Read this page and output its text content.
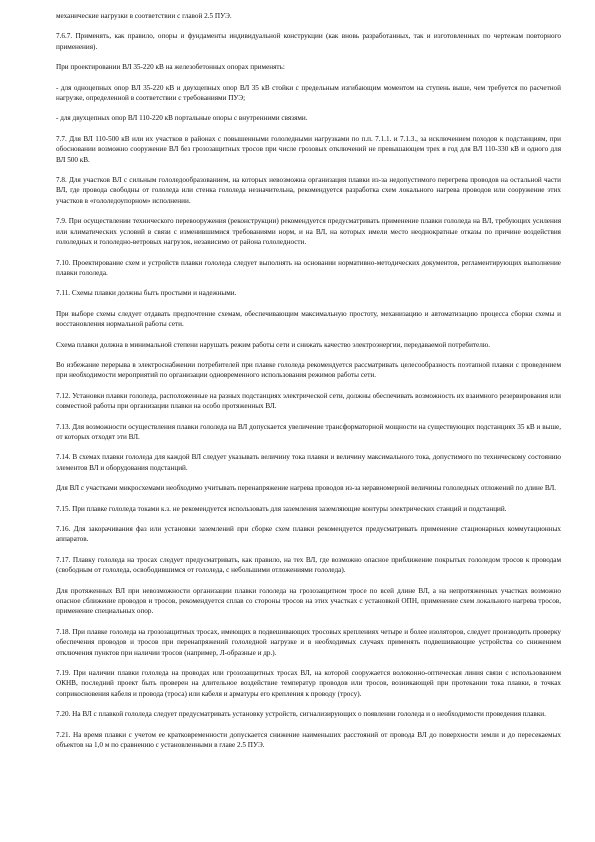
механические нагрузки в соответствии с главой 2.5 ПУЭ.

7.6.7. Применять, как правило, опоры и фундаменты индивидуальной конструкции (как вновь разработанных, так и изготовленных по чертежам повторного применения).

При проектировании ВЛ 35-220 кВ на железобетонных опорах применять:

- для одноцепных опор ВЛ 35-220 кВ и двухцепных опор ВЛ 35 кВ стойки с предельным изгибающим моментом на ступень выше, чем требуется по расчетной нагрузке, определенной в соответствии с требованиями ПУЭ;

- для двухцепных опор ВЛ 110-220 кВ портальные опоры с внутренними связями.

7.7. Для ВЛ 110-500 кВ или их участков в районах с повышенными гололедными нагрузками по п.п. 7.1.1. и 7.1.3., за исключением походов к подстанциям, при обосновании возможно сооружение ВЛ без грозозащитных тросов при числе грозовых отключений не превышающем трех в год для ВЛ 110-330 кВ и одного для ВЛ 500 кВ.

7.8. Для участков ВЛ с сильным гололедообразованием, на которых невозможна организация плавки из-за недопустимого перегрева проводов на остальной части ВЛ, где провода свободны от гололеда или стенка гололеда незначительна, рекомендуется разработка схем локального нагрева проводов или сооружение этих участков в «гололедоупорном» исполнении.

7.9. При осуществлении технического перевооружения (реконструкции) рекомендуется предусматривать применение плавки гололеда на ВЛ, требующих усиления или климатических условий в связи с изменившимися требованиями норм, и на ВЛ, на которых имели место неоднократные отказы по причине воздействия гололедных и гололедно-ветровых нагрузок, независимо от района гололедности.

7.10. Проектирование схем и устройств плавки гололеда следует выполнять на основании нормативно-методических документов, регламентирующих выполнение плавки гололеда.

7.11. Схемы плавки должны быть простыми и надежными.

При выборе схемы следует отдавать предпочтение схемам, обеспечивающим максимальную простоту, механизацию и автоматизацию процесса сборки схемы и восстановления нормальной работы сети.

Схема плавки должна в минимальной степени нарушать режим работы сети и снижать качество электроэнергии, передаваемой потребителю.

Во избежание перерыва в электроснабжении потребителей при плавке гололеда рекомендуется рассматривать целесообразность поэтапной плавки с проведением при необходимости мероприятий по организации одновременного использования режимов работы сети.

7.12. Установки плавки гололеда, расположенные на разных подстанциях электрической сети, должны обеспечивать возможность их взаимного резервирования или совместной работы при организации плавки на особо протяженных ВЛ.

7.13. Для возможности осуществления плавки гололеда на ВЛ допускается увеличение трансформаторной мощности на существующих подстанциях 35 кВ и выше, от которых отходят эти ВЛ.

7.14. В схемах плавки гололеда для каждой ВЛ следует указывать величину тока плавки и величину максимального тока, допустимого по техническому состоянию элементов ВЛ и оборудования подстанций.

Для ВЛ с участками микросхемами необходимо учитывать перенапряжение нагрева проводов из-за неравномерной величины гололедных отложений по длине ВЛ.

7.15. При плавке гололеда токами к.з. не рекомендуется использовать для заземления заземляющие контуры электрических станций и подстанций.

7.16. Для закорачивания фаз или установки заземлений при сборке схем плавки рекомендуется предусматривать применение стационарных коммутационных аппаратов.

7.17. Плавку гололеда на тросах следует предусматривать, как правило, на тех ВЛ, где возможно опасное приближение покрытых гололедом тросов к проводам (свободным от гололеда, освободившимся от гололеда, с небольшими отложениями гололеда).

Для протяженных ВЛ при невозможности организации плавки гололеда на грозозащитном тросе по всей длине ВЛ, а на непротяженных участках возможно опасное сближение проводов и тросов, рекомендуется сплав со стороны тросов на этих участках с установкой ОПН, применение схем локального нагрева тросов, применение специальных опор.

7.18. При плавке гололеда на грозозащитных тросах, имеющих в подвешивающих тросовых креплениях четыре и более изоляторов, следует производить проверку обеспечения проводов и тросов при перенапряжений гололедной нагрузке и в необходимых случаях применять подвешивающие устройства со снижением отключения пунктов при наличии тросов (например, Л-образные и др.).

7.19. При наличии плавки гололеда на проводах или грозозащитных тросах ВЛ, на которой сооружается волоконно-оптическая линия связи с использованием ОКНВ, последний проект быть проверен на длительное воздействие температур проводов или тросов, возникающей при протекании тока плавки, в точках соприкосновения кабеля и провода (троса) или кабеля и арматуры его крепления к проводу (тросу).

7.20. На ВЛ с плавкой гололеда следует предусматривать установку устройств, сигнализирующих о появлении гололеда и о необходимости проведения плавки.

7.21. На время плавки с учетом ее кратковременности допускается снижение наименьших расстояний от провода ВЛ до поверхности земли и до пересекаемых объектов на 1,0 м по сравнению с установленными в главе 2.5 ПУЭ.
